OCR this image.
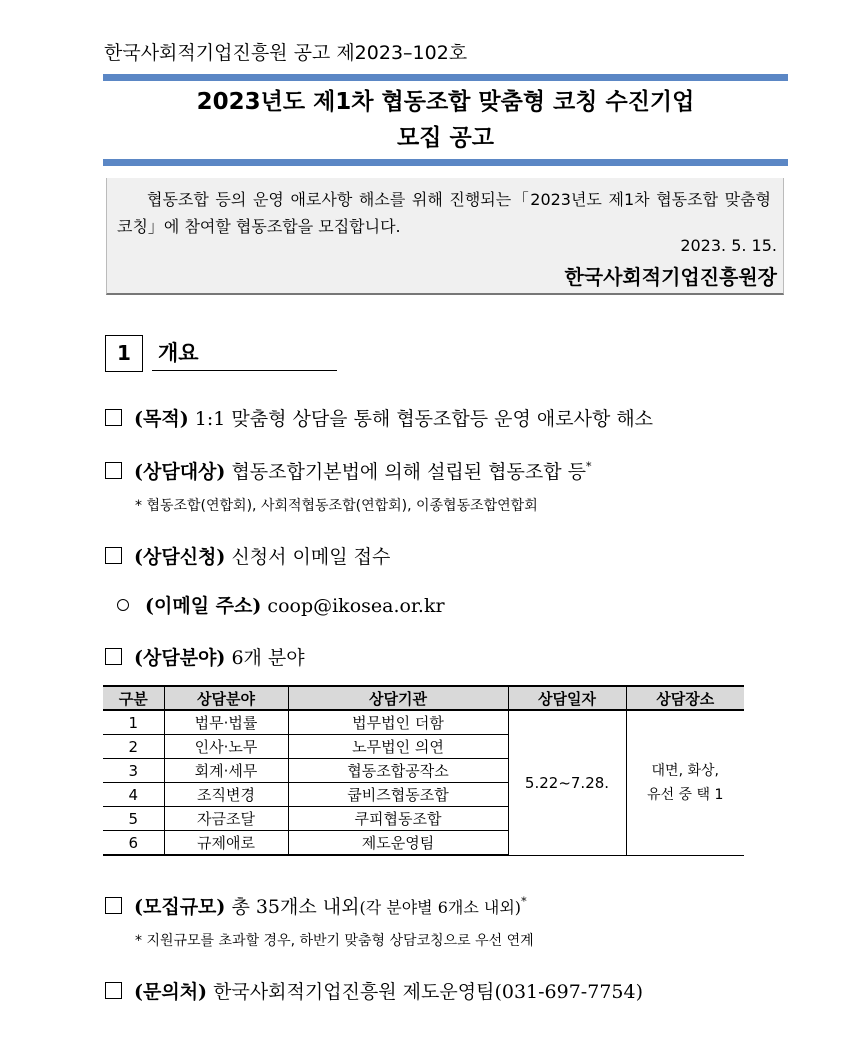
한국사회적기업진흥원 공고 제2023–102호
2023년도 제1차 협동조합 맞춤형 코칭 수진기업
모집 공고
협동조합 등의 운영 애로사항 해소를 위해 진행되는「2023년도 제1차 협동조합 맞춤형 코칭」에 참여할 협동조합을 모집합니다.
2023. 5. 15.
한국사회적기업진흥원장
1	개요
(목적) 1:1 맞춤형 상담을 통해 협동조합등 운영 애로사항 해소
(상담대상) 협동조합기본법에 의해 설립된 협동조합 등*
* 협동조합(연합회), 사회적협동조합(연합회), 이종협동조합연합회
(상담신청) 신청서 이메일 접수
(이메일 주소) coop@ikosea.or.kr
(상담분야) 6개 분야
구분	상담분야	상담기관	상담일자	상담장소
1	법무·법률	법무법인 더함	5.22~7.28.	대면, 화상,
유선 중 택 1
2	인사·노무	노무법인 의연		
3	회계·세무	협동조합공작소		
4	조직변경	쿱비즈협동조합		
5	자금조달	쿠피협동조합		
6	규제애로	제도운영팀		
(모집규모) 총 35개소 내외(각 분야별 6개소 내외)*
* 지원규모를 초과할 경우, 하반기 맞춤형 상담코칭으로 우선 연계
(문의처) 한국사회적기업진흥원 제도운영팀(031-697-7754)
